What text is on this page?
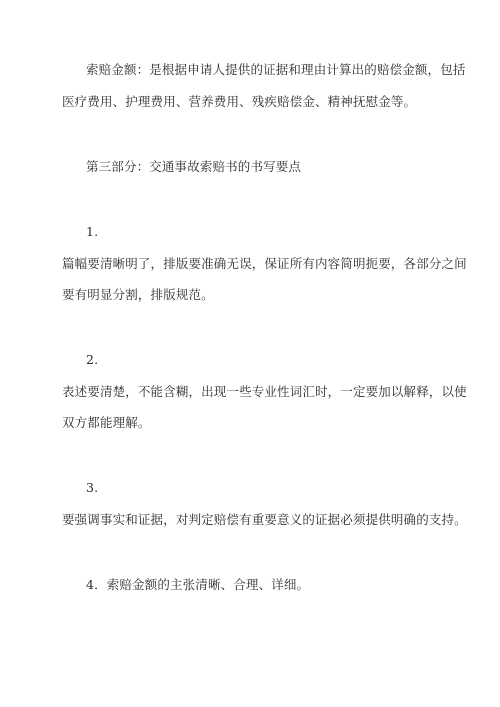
索赔金额：是根据申请人提供的证据和理由计算出的赔偿金额，包括
医疗费用、护理费用、营养费用、残疾赔偿金、精神抚慰金等。
第三部分：交通事故索赔书的书写要点
1.
篇幅要清晰明了，排版要准确无误，保证所有内容简明扼要，各部分之间
要有明显分割，排版规范。
2.
表述要清楚，不能含糊，出现一些专业性词汇时，一定要加以解释，以使
双方都能理解。
3.
要强调事实和证据，对判定赔偿有重要意义的证据必须提供明确的支持。
4．索赔金额的主张清晰、合理、详细。
